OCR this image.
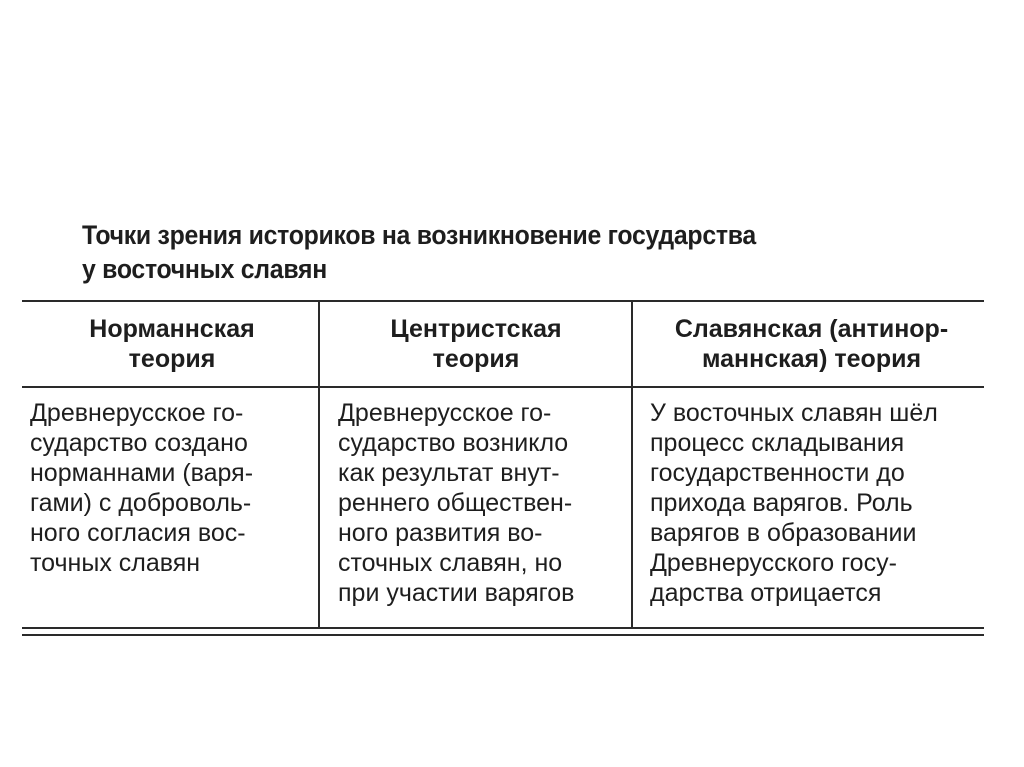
Точки зрения историков на возникновение государства
у восточных славян
Норманнская
теория
Центристская
теория
Славянская (антинор-
маннская) теория
Древнерусское го-
сударство создано
норманнами (варя-
гами) с доброволь-
ного согласия вос-
точных славян
Древнерусское го-
сударство возникло
как результат внут-
реннего обществен-
ного развития во-
сточных славян, но
при участии варягов
У восточных славян шёл
процесс складывания
государственности до
прихода варягов. Роль
варягов в образовании
Древнерусского госу-
дарства отрицается
